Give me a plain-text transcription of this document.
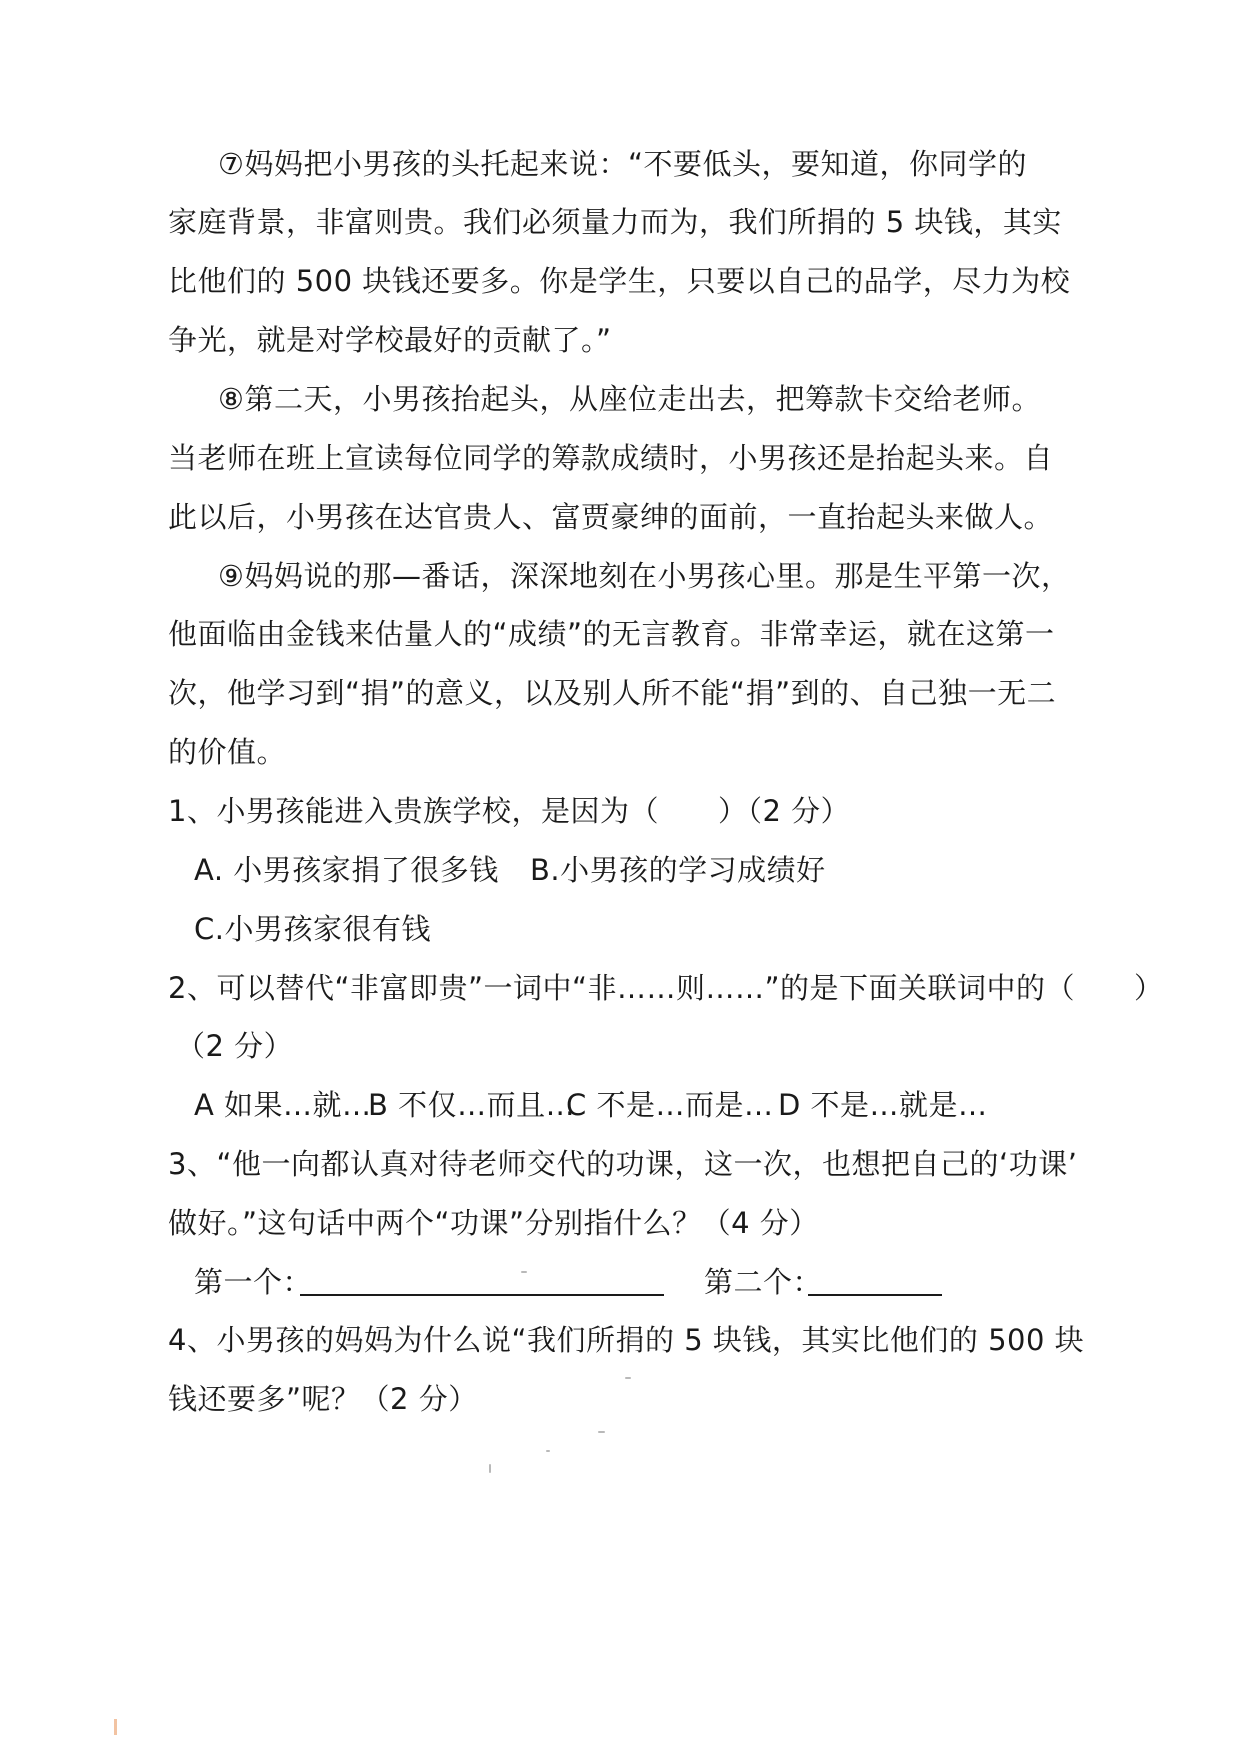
⑦妈妈把小男孩的头托起来说：“不要低头，要知道，你同学的
家庭背景，非富则贵。我们必须量力而为，我们所捐的 5 块钱，其实
比他们的 500 块钱还要多。你是学生，只要以自己的品学，尽力为校
争光，就是对学校最好的贡献了。”
⑧第二天，小男孩抬起头，从座位走出去，把筹款卡交给老师。
当老师在班上宣读每位同学的筹款成绩时，小男孩还是抬起头来。自
此以后，小男孩在达官贵人、富贾豪绅的面前，一直抬起头来做人。
⑨妈妈说的那—番话，深深地刻在小男孩心里。那是生平第一次，
他面临由金钱来估量人的“成绩”的无言教育。非常幸运，就在这第一
次，他学习到“捐”的意义，以及别人所不能“捐”到的、自己独一无二
的价值。
1、小男孩能进入贵族学校，是因为（　　）（2 分）
A. 小男孩家捐了很多钱 B.小男孩的学习成绩好
C.小男孩家很有钱
2、可以替代“非富即贵”一词中“非……则……”的是下面关联词中的（　　）
（2 分）
A 如果…就…
B 不仅…而且…
C 不是…而是… D 不是…就是…
3、“他一向都认真对待老师交代的功课，这一次，也想把自己的‘功课’
做好。”这句话中两个“功课”分别指什么？（4 分）
第一个：	第二个：
4、小男孩的妈妈为什么说“我们所捐的 5 块钱，其实比他们的 500 块
钱还要多”呢？（2 分）
